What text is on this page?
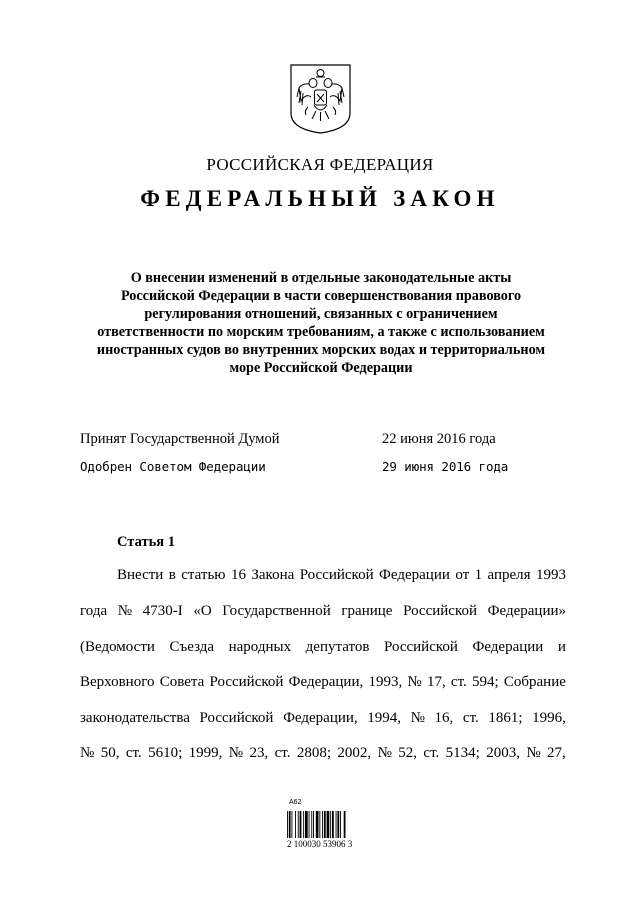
РОССИЙСКАЯ ФЕДЕРАЦИЯ
ФЕДЕРАЛЬНЫЙ ЗАКОН
О внесении изменений в отдельные законодательные акты
Российской Федерации в части совершенствования правового
регулирования отношений, связанных с ограничением
ответственности по морским требованиям, а также с использованием
иностранных судов во внутренних морских водах и территориальном
море Российской Федерации
Принят Государственной Думой	22 июня 2016 года
Одобрен Советом Федерации	29 июня 2016 года
Статья 1
Внести в статью 16 Закона Российской Федерации от 1 апреля 1993
года № 4730-I «О Государственной границе Российской Федерации»
(Ведомости Съезда народных депутатов Российской Федерации и
Верховного Совета Российской Федерации, 1993, № 17, ст. 594; Собрание
законодательства Российской Федерации, 1994, № 16, ст. 1861; 1996,
№ 50, ст. 5610; 1999, № 23, ст. 2808; 2002, № 52, ст. 5134; 2003, № 27,
A62
2 100030 53906 3
